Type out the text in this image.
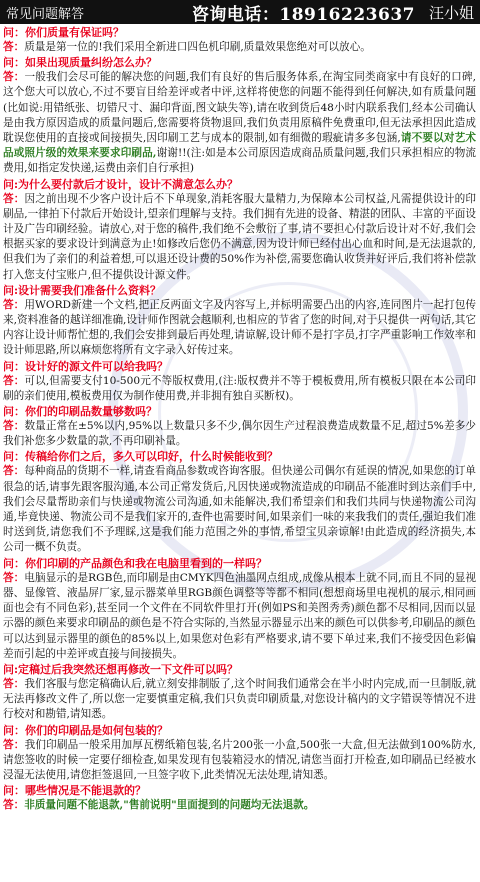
常见问题解答	咨询电话：18916223637 汪小姐

问：你们质量有保证吗？

答：质量是第一位的!我们采用全新进口四色机印刷,质量效果您绝对可以放心。

问：如果出现质量纠纷怎么办？

答：一般我们会尽可能的解决您的问题,我们有良好的售后服务体系,在淘宝同类商家中有良好的口碑,这个您大可以放心,不过不要盲目给差评或者中评,这样将使您的问题不能得到任何解决,如有质量问题(比如说:用错纸张、切错尺寸、漏印背面,图文缺失等),请在收到货后48小时内联系我们,经本公司确认是由我方原因造成的质量问题后,您需要将货物退回,我们负责用原稿件免费重印,但无法承担因此造成耽误您使用的直接或间接损失,因印刷工艺与成本的限制,如有细微的瑕疵请多多包涵,请不要以对艺术品或照片级的效果来要求印刷品,谢谢!!(注:如是本公司原因造成商品质量问题,我们只承担相应的物流费用,如指定发快递,运费由亲们自行承担)

问:为什么要付款后才设计，设计不满意怎么办？

答：因之前出现不少客户设计后不下单现象,消耗客服大量精力,为保障本公司权益,凡需提供设计的印刷品,一律拍下付款后开始设计,望亲们理解与支持。我们拥有先进的设备、精湛的团队、丰富的平面设计及广告印刷经验。请放心,对于您的稿件,我们绝不会敷衍了事,请不要担心付款后设计对不好,我们会根据买家的要求设计到满意为止!如修改后您仍不满意,因为设计师已经付出心血和时间,是无法退款的,但我们为了亲们的利益着想,可以退还设计费的50%作为补偿,需要您确认收货并好评后,我们将补偿款打入您支付宝账户,但不提供设计源文件。

问:设计需要我们准备什么资料？

答：用WORD新建一个文档,把正反两面文字及内容写上,并标明需要凸出的内容,连同图片一起打包传来,资料准备的越详细准确,设计师作图就会越顺利,也相应的节省了您的时间,对于只提供一两句话,其它内容让设计师帮忙想的,我们会安排到最后再处理,请谅解,设计师不是打字员,打字严重影响工作效率和设计师思路,所以麻烦您将所有文字录入好传过来。

问：设计好的源文件可以给我吗？

答：可以,但需要支付10-500元不等版权费用,(注:版权费并不等于模板费用,所有模板只限在本公司印刷的亲们使用,模板费用仅为制作使用费,并非拥有独自买断权)。

问：你们的印刷品数量够数吗？

答：数量正常在±5%以内,95%以上数量只多不少,偶尔因生产过程浪费造成数量不足,超过5%差多少我们补您多少数量的款,不再印刷补量。

问：传稿给你们之后，多久可以印好，什么时候能收到？

答：每种商品的货期不一样,请查看商品参数或咨询客服。但快递公司偶尔有延误的情况,如果您的订单很急的话,请事先跟客服沟通,本公司正常发货后,凡因快递或物流造成的印刷品不能准时到达亲们手中,我们会尽量帮助亲们与快递或物流公司沟通,如未能解决,我们希望亲们和我们共同与快递物流公司沟通,毕竟快递、物流公司不是我们家开的,查件也需要时间,如果亲们一味的来我我们的责任,强迫我们准时送到货,请您我们不予理睬,这是我们能力范围之外的事情,希望宝贝亲谅解!由此造成的经济损失,本公司一概不负责。

问：你们印刷的产品颜色和我在电脑里看到的一样吗？

答：电脑显示的是RGB色,而印刷是由CMYK四色油墨网点组成,成像从根本上就不同,而且不同的显视器、显像管、液晶屏厂家,显示器菜单里RGB颜色调整等等都不相同(想想商场里电视机的展示,相同画面也会有不同色彩),甚至同一个文件在不同软件里打开(例如PS和美图秀秀)颜色都不尽相同,因而以显示器的颜色来要求印刷品的颜色是不符合实际的,当然显示器显示出来的颜色可以供参考,印刷品的颜色可以达到显示器里的颜色的85%以上,如果您对色彩有严格要求,请不要下单过来,我们不接受因色彩偏差而引起的中差评或直接与间接损失。

问:定稿过后我突然还想再修改一下文件可以吗？

答：我们客服与您定稿确认后,就立刻安排制版了,这个时间我们通常会在半小时内完成,而一旦制版,就无法再修改文件了,所以您一定要慎重定稿,我们只负责印刷质量,对您设计稿内的文字错误等情况不进行校对和勘错,请知悉。

问：你们的印刷品是如何包装的？

答：我们印刷品一般采用加厚瓦楞纸箱包装,名片200张一小盒,500张一大盒,但无法做到100%防水,请您签收的时候一定要仔细检查,如果发现有包装箱浸水的情况,请您当面打开检查,如印刷品已经被水浸湿无法使用,请您拒签退回,一旦签字收下,此类情况无法处理,请知悉。

问：哪些情况是不能退款的？

答：非质量问题不能退款,"售前说明"里面提到的问题均无法退款。
